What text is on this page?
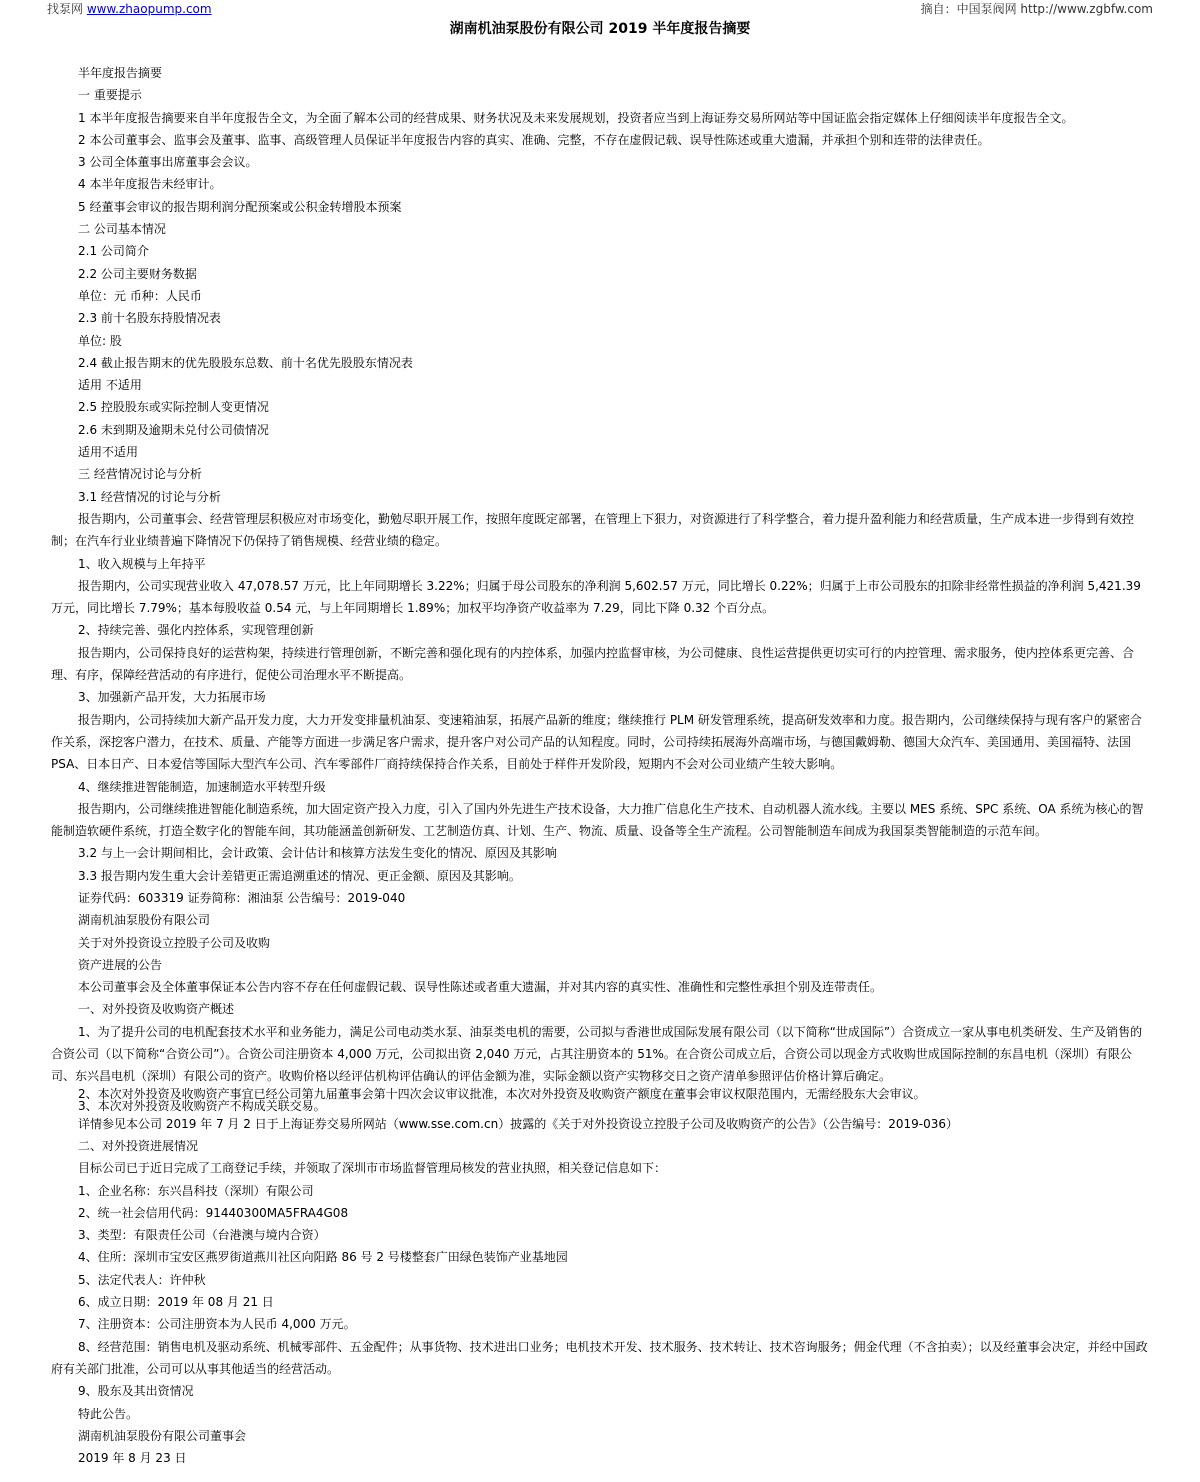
找泵网 www.zhaopump.com	摘自：中国泵阀网 http://www.zgbfw.com
湖南机油泵股份有限公司 2019 半年度报告摘要

半年度报告摘要

一 重要提示

1 本半年度报告摘要来自半年度报告全文，为全面了解本公司的经营成果、财务状况及未来发展规划，投资者应当到上海证券交易所网站等中国证监会指定媒体上仔细阅读半年度报告全文。

2 本公司董事会、监事会及董事、监事、高级管理人员保证半年度报告内容的真实、准确、完整，不存在虚假记载、误导性陈述或重大遗漏，并承担个别和连带的法律责任。

3 公司全体董事出席董事会会议。

4 本半年度报告未经审计。

5 经董事会审议的报告期利润分配预案或公积金转增股本预案

二 公司基本情况

2.1 公司简介

2.2 公司主要财务数据

单位：元 币种：人民币

2.3 前十名股东持股情况表

单位: 股

2.4 截止报告期末的优先股股东总数、前十名优先股股东情况表

适用 不适用

2.5 控股股东或实际控制人变更情况

2.6 未到期及逾期未兑付公司债情况

适用不适用

三 经营情况讨论与分析

3.1 经营情况的讨论与分析

报告期内，公司董事会、经营管理层积极应对市场变化，勤勉尽职开展工作，按照年度既定部署，在管理上下狠力，对资源进行了科学整合，着力提升盈利能力和经营质量，生产成本进一步得到有效控制；在汽车行业业绩普遍下降情况下仍保持了销售规模、经营业绩的稳定。

1、收入规模与上年持平

报告期内，公司实现营业收入 47,078.57 万元，比上年同期增长 3.22%；归属于母公司股东的净利润 5,602.57 万元，同比增长 0.22%；归属于上市公司股东的扣除非经常性损益的净利润 5,421.39 万元，同比增长 7.79%；基本每股收益 0.54 元，与上年同期增长 1.89%；加权平均净资产收益率为 7.29，同比下降 0.32 个百分点。

2、持续完善、强化内控体系，实现管理创新

报告期内，公司保持良好的运营构架，持续进行管理创新，不断完善和强化现有的内控体系，加强内控监督审核，为公司健康、良性运营提供更切实可行的内控管理、需求服务，使内控体系更完善、合理、有序，保障经营活动的有序进行，促使公司治理水平不断提高。

3、加强新产品开发，大力拓展市场

报告期内，公司持续加大新产品开发力度，大力开发变排量机油泵、变速箱油泵，拓展产品新的维度；继续推行 PLM 研发管理系统，提高研发效率和力度。报告期内，公司继续保持与现有客户的紧密合作关系，深挖客户潜力，在技术、质量、产能等方面进一步满足客户需求，提升客户对公司产品的认知程度。同时，公司持续拓展海外高端市场，与德国戴姆勒、德国大众汽车、美国通用、美国福特、法国 PSA、日本日产、日本爱信等国际大型汽车公司、汽车零部件厂商持续保持合作关系，目前处于样件开发阶段，短期内不会对公司业绩产生较大影响。

4、继续推进智能制造，加速制造水平转型升级

报告期内，公司继续推进智能化制造系统，加大固定资产投入力度，引入了国内外先进生产技术设备，大力推广信息化生产技术、自动机器人流水线。主要以 MES 系统、SPC 系统、OA 系统为核心的智能制造软硬件系统，打造全数字化的智能车间，其功能涵盖创新研发、工艺制造仿真、计划、生产、物流、质量、设备等全生产流程。公司智能制造车间成为我国泵类智能制造的示范车间。

3.2 与上一会计期间相比，会计政策、会计估计和核算方法发生变化的情况、原因及其影响

3.3 报告期内发生重大会计差错更正需追溯重述的情况、更正金额、原因及其影响。

证券代码：603319 证券简称：湘油泵 公告编号：2019-040

湖南机油泵股份有限公司

关于对外投资设立控股子公司及收购

资产进展的公告

本公司董事会及全体董事保证本公告内容不存在任何虚假记载、误导性陈述或者重大遗漏，并对其内容的真实性、准确性和完整性承担个别及连带责任。

一、对外投资及收购资产概述

1、为了提升公司的电机配套技术水平和业务能力，满足公司电动类水泵、油泵类电机的需要，公司拟与香港世成国际发展有限公司（以下简称“世成国际”）合资成立一家从事电机类研发、生产及销售的合资公司（以下简称“合资公司”）。合资公司注册资本 4,000 万元，公司拟出资 2,040 万元，占其注册资本的 51%。在合资公司成立后，合资公司以现金方式收购世成国际控制的东昌电机（深圳）有限公司、东兴昌电机（深圳）有限公司的资产。收购价格以经评估机构评估确认的评估金额为准，实际金额以资产实物移交日之资产清单参照评估价格计算后确定。

2、本次对外投资及收购资产事宜已经公司第九届董事会第十四次会议审议批准，本次对外投资及收购资产额度在董事会审议权限范围内，无需经股东大会审议。

3、本次对外投资及收购资产不构成关联交易。

详情参见本公司 2019 年 7 月 2 日于上海证券交易所网站（www.sse.com.cn）披露的《关于对外投资设立控股子公司及收购资产的公告》（公告编号：2019-036）

二、对外投资进展情况

目标公司已于近日完成了工商登记手续，并领取了深圳市市场监督管理局核发的营业执照，相关登记信息如下：

1、企业名称：东兴昌科技（深圳）有限公司

2、统一社会信用代码：91440300MA5FRA4G08

3、类型：有限责任公司（台港澳与境内合资）

4、住所：深圳市宝安区燕罗街道燕川社区向阳路 86 号 2 号楼整套广田绿色装饰产业基地园

5、法定代表人：许仲秋

6、成立日期：2019 年 08 月 21 日

7、注册资本：公司注册资本为人民币 4,000 万元。

8、经营范围：销售电机及驱动系统、机械零部件、五金配件；从事货物、技术进出口业务；电机技术开发、技术服务、技术转让、技术咨询服务；佣金代理（不含拍卖）；以及经董事会决定，并经中国政府有关部门批准，公司可以从事其他适当的经营活动。

9、股东及其出资情况

特此公告。

湖南机油泵股份有限公司董事会

2019 年 8 月 23 日
